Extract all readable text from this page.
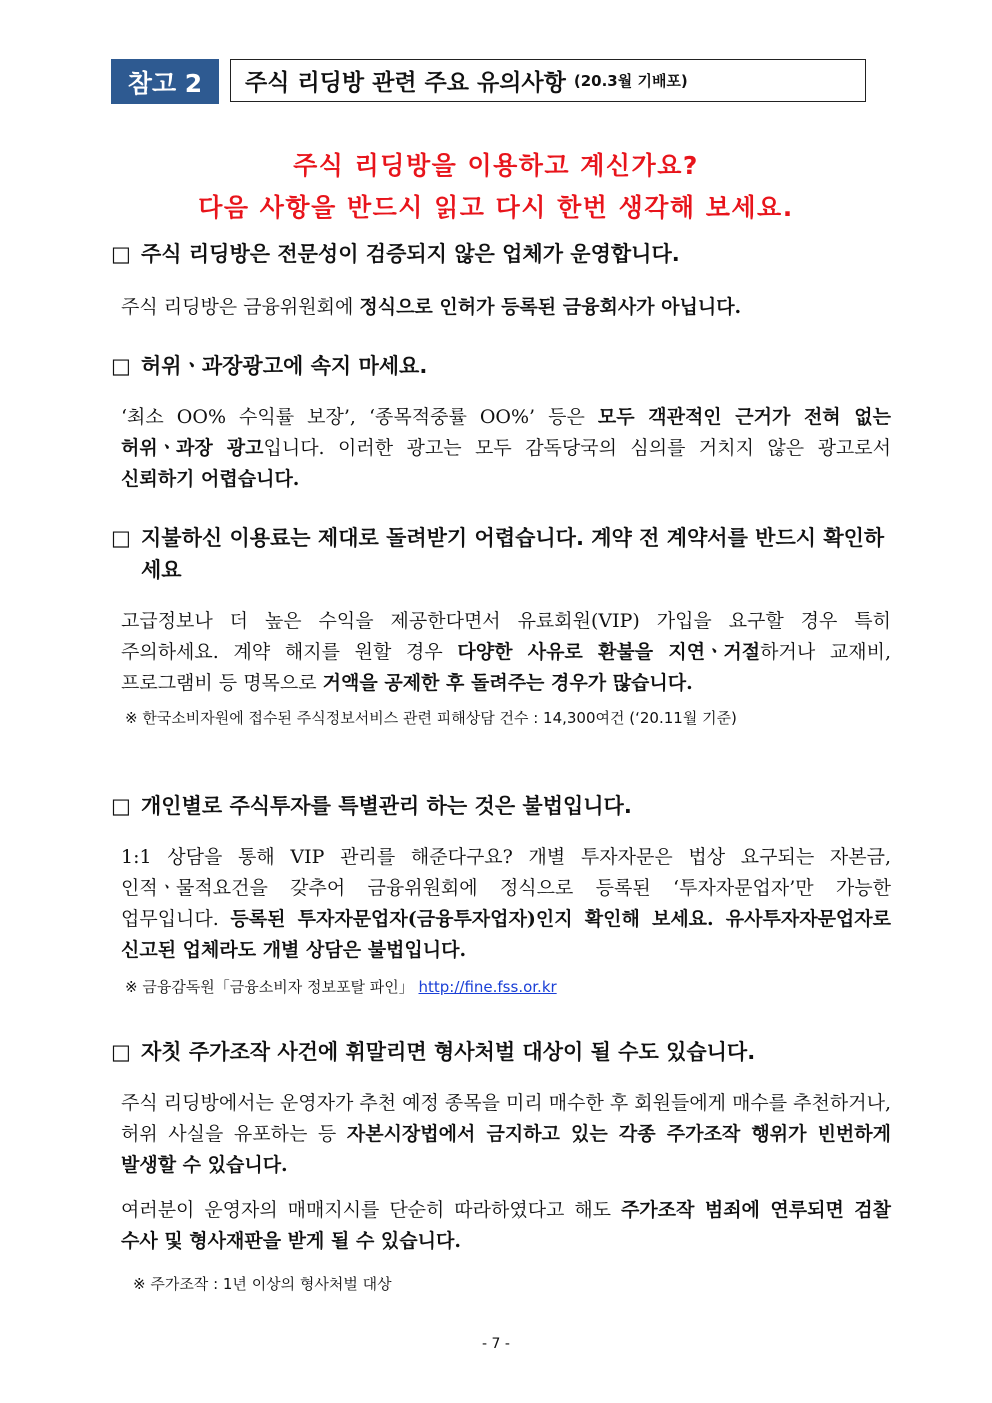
참고 2	주식 리딩방 관련 주요 유의사항 (20.3월 기배포)
주식 리딩방을 이용하고 계신가요?
다음 사항을 반드시 읽고 다시 한번 생각해 보세요.
□ 주식 리딩방은 전문성이 검증되지 않은 업체가 운영합니다.
주식 리딩방은 금융위원회에 정식으로 인허가 등록된 금융회사가 아닙니다.
□ 허위ㆍ과장광고에 속지 마세요.
‘최소 OO% 수익률 보장’, ‘종목적중률 OO%’ 등은 모두 객관적인 근거가 전혀 없는 허위ㆍ과장 광고입니다. 이러한 광고는 모두 감독당국의 심의를 거치지 않은 광고로서 신뢰하기 어렵습니다.
□ 지불하신 이용료는 제대로 돌려받기 어렵습니다. 계약 전 계약서를 반드시 확인하세요
고급정보나 더 높은 수익을 제공한다면서 유료회원(VIP) 가입을 요구할 경우 특히 주의하세요. 계약 해지를 원할 경우 다양한 사유로 환불을 지연ㆍ거절하거나 교재비, 프로그램비 등 명목으로 거액을 공제한 후 돌려주는 경우가 많습니다.
※ 한국소비자원에 접수된 주식정보서비스 관련 피해상담 건수 : 14,300여건 (‘20.11월 기준)
□ 개인별로 주식투자를 특별관리 하는 것은 불법입니다.
1:1 상담을 통해 VIP 관리를 해준다구요? 개별 투자자문은 법상 요구되는 자본금, 인적ㆍ물적요건을 갖추어 금융위원회에 정식으로 등록된 ‘투자자문업자’만 가능한 업무입니다. 등록된 투자자문업자(금융투자업자)인지 확인해 보세요. 유사투자자문업자로 신고된 업체라도 개별 상담은 불법입니다.
※ 금융감독원「금융소비자 정보포탈 파인」 http://fine.fss.or.kr
□ 자칫 주가조작 사건에 휘말리면 형사처벌 대상이 될 수도 있습니다.
주식 리딩방에서는 운영자가 추천 예정 종목을 미리 매수한 후 회원들에게 매수를 추천하거나, 허위 사실을 유포하는 등 자본시장법에서 금지하고 있는 각종 주가조작 행위가 빈번하게 발생할 수 있습니다.
여러분이 운영자의 매매지시를 단순히 따라하였다고 해도 주가조작 범죄에 연루되면 검찰 수사 및 형사재판을 받게 될 수 있습니다.
※ 주가조작 : 1년 이상의 형사처벌 대상
- 7 -
